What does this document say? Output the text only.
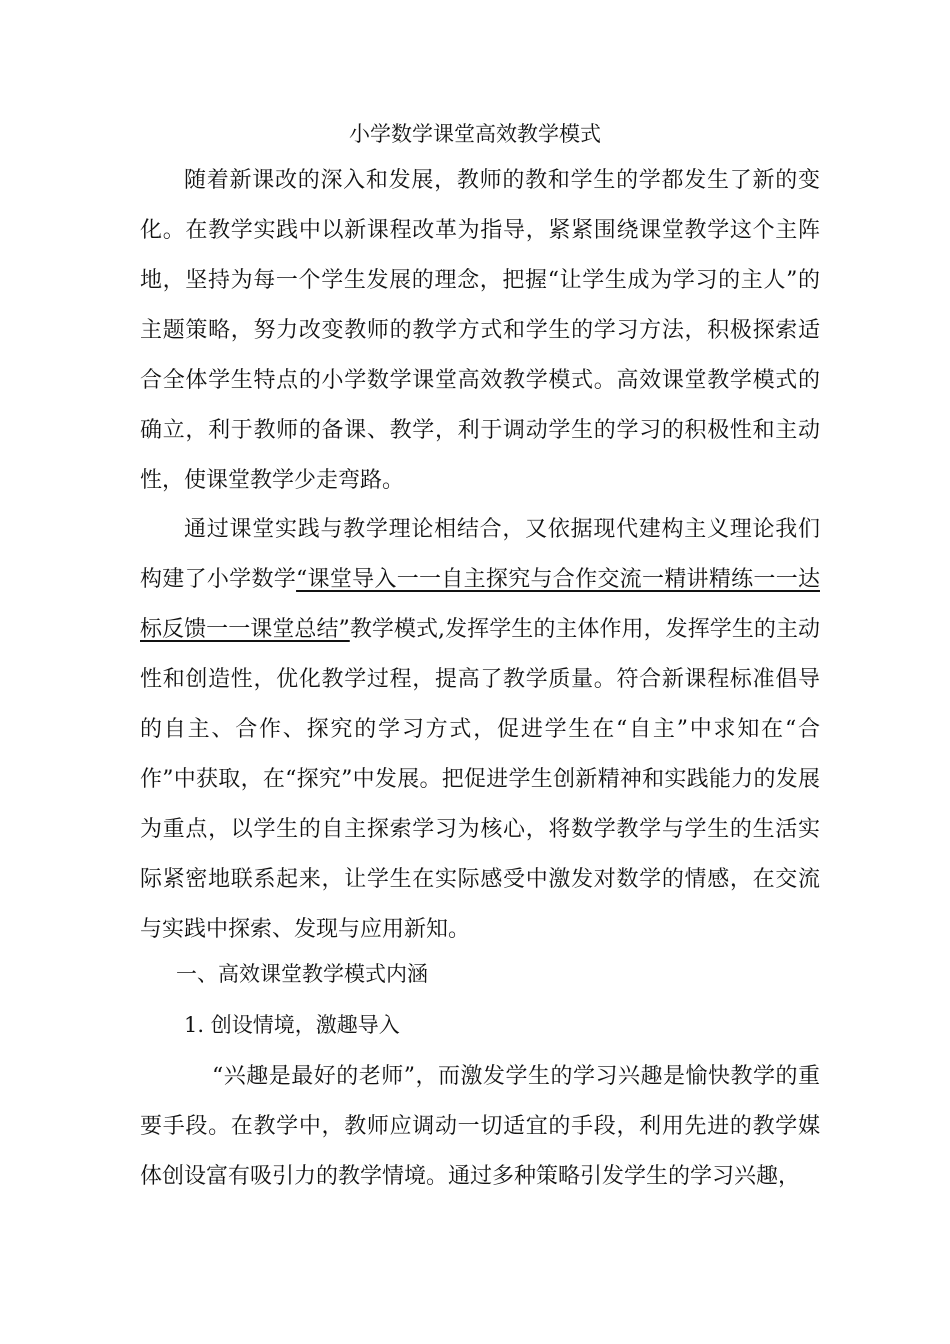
小学数学课堂高效教学模式

随着新课改的深入和发展，教师的教和学生的学都发生了新的变化。在教学实践中以新课程改革为指导，紧紧围绕课堂教学这个主阵地，坚持为每一个学生发展的理念，把握“让学生成为学习的主人”的主题策略，努力改变教师的教学方式和学生的学习方法，积极探索适合全体学生特点的小学数学课堂高效教学模式。高效课堂教学模式的确立，利于教师的备课、教学，利于调动学生的学习的积极性和主动性，使课堂教学少走弯路。

通过课堂实践与教学理论相结合，又依据现代建构主义理论我们构建了小学数学“课堂导入一一自主探究与合作交流一精讲精练一一达标反馈一一课堂总结”教学模式,发挥学生的主体作用，发挥学生的主动性和创造性，优化教学过程，提高了教学质量。符合新课程标准倡导的自主、合作、探究的学习方式，促进学生在“自主”中求知在“合作”中获取，在“探究”中发展。把促进学生创新精神和实践能力的发展为重点，以学生的自主探索学习为核心，将数学教学与学生的生活实际紧密地联系起来，让学生在实际感受中激发对数学的情感，在交流与实践中探索、发现与应用新知。

一、高效课堂教学模式内涵
1. 创设情境，激趣导入

“兴趣是最好的老师”，而激发学生的学习兴趣是愉快教学的重要手段。在教学中，教师应调动一切适宜的手段，利用先进的教学媒体创设富有吸引力的教学情境。通过多种策略引发学生的学习兴趣，
